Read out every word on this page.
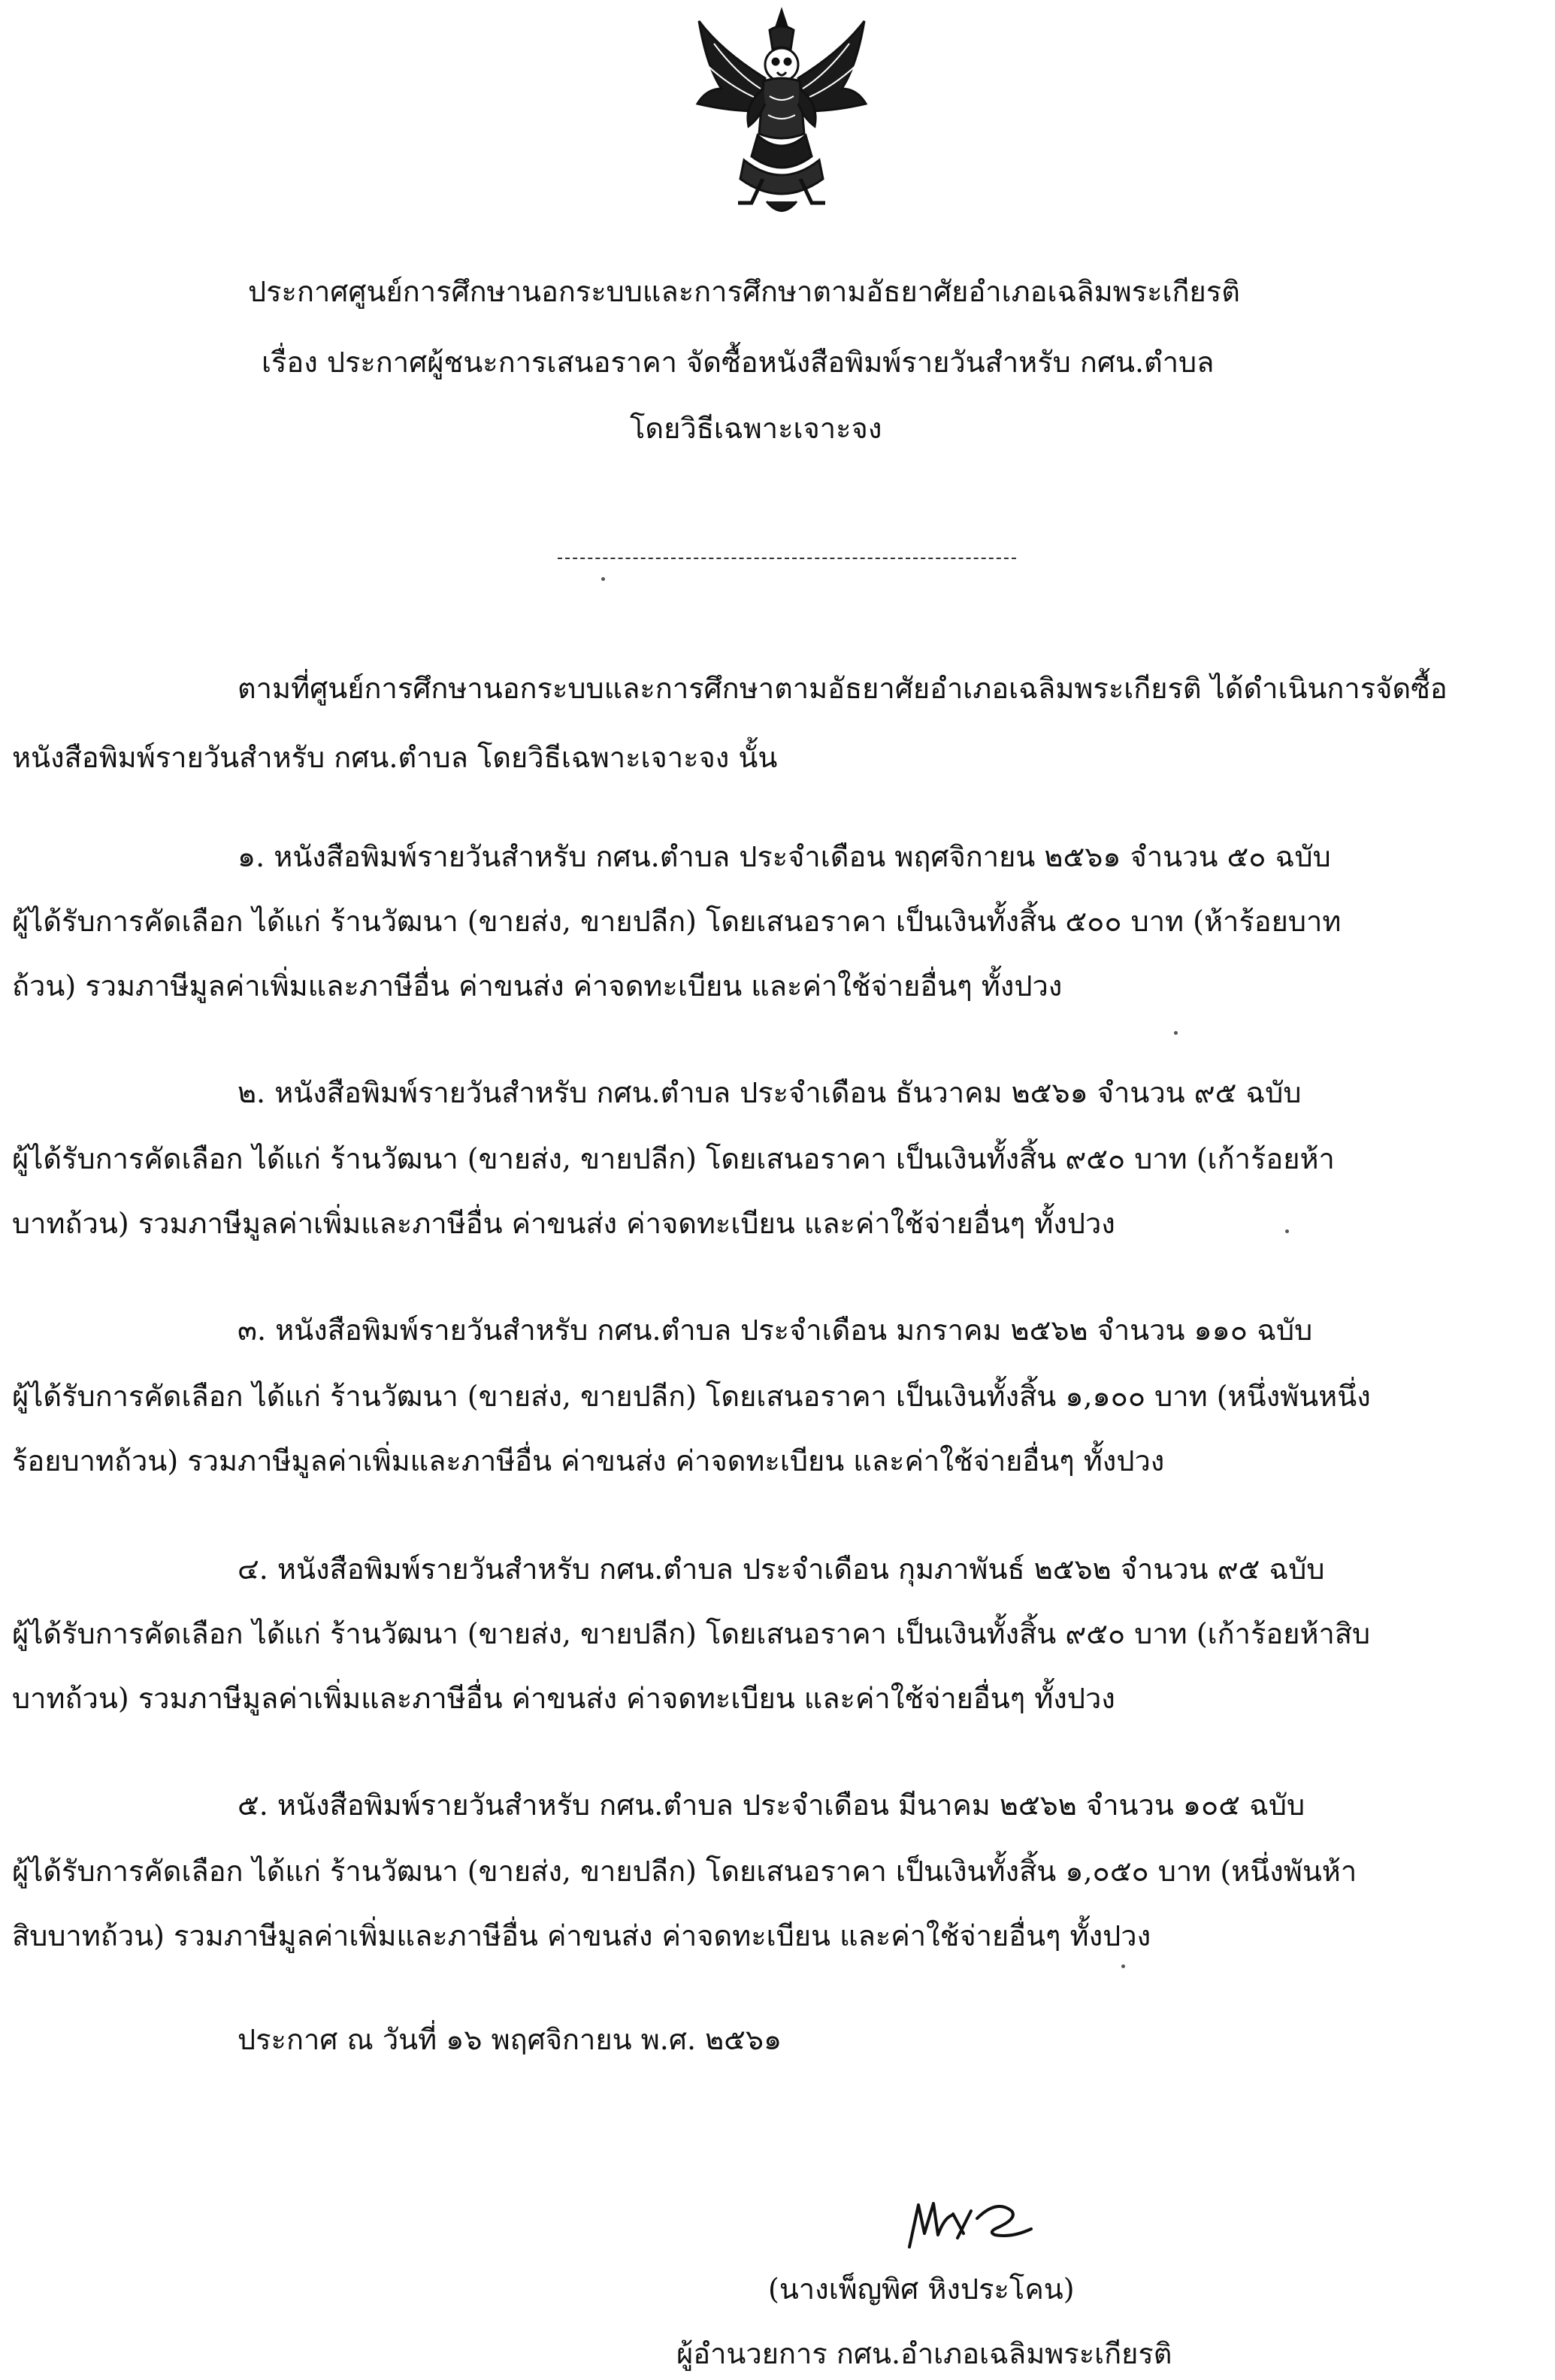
ประกาศศูนย์การศึกษานอกระบบและการศึกษาตามอัธยาศัยอำเภอเฉลิมพระเกียรติ
เรื่อง ประกาศผู้ชนะการเสนอราคา จัดซื้อหนังสือพิมพ์รายวันสำหรับ กศน.ตำบล
โดยวิธีเฉพาะเจาะจง
ตามที่ศูนย์การศึกษานอกระบบและการศึกษาตามอัธยาศัยอำเภอเฉลิมพระเกียรติ ได้ดำเนินการจัดซื้อ
หนังสือพิมพ์รายวันสำหรับ กศน.ตำบล โดยวิธีเฉพาะเจาะจง นั้น
๑. หนังสือพิมพ์รายวันสำหรับ กศน.ตำบล ประจำเดือน พฤศจิกายน ๒๕๖๑ จำนวน ๕๐ ฉบับ
ผู้ได้รับการคัดเลือก ได้แก่ ร้านวัฒนา (ขายส่ง, ขายปลีก) โดยเสนอราคา เป็นเงินทั้งสิ้น ๕๐๐ บาท (ห้าร้อยบาท
ถ้วน) รวมภาษีมูลค่าเพิ่มและภาษีอื่น ค่าขนส่ง ค่าจดทะเบียน และค่าใช้จ่ายอื่นๆ ทั้งปวง
๒. หนังสือพิมพ์รายวันสำหรับ กศน.ตำบล ประจำเดือน ธันวาคม ๒๕๖๑ จำนวน ๙๕ ฉบับ
ผู้ได้รับการคัดเลือก ได้แก่ ร้านวัฒนา (ขายส่ง, ขายปลีก) โดยเสนอราคา เป็นเงินทั้งสิ้น ๙๕๐ บาท (เก้าร้อยห้า
บาทถ้วน) รวมภาษีมูลค่าเพิ่มและภาษีอื่น ค่าขนส่ง ค่าจดทะเบียน และค่าใช้จ่ายอื่นๆ ทั้งปวง
๓. หนังสือพิมพ์รายวันสำหรับ กศน.ตำบล ประจำเดือน มกราคม ๒๕๖๒ จำนวน ๑๑๐ ฉบับ
ผู้ได้รับการคัดเลือก ได้แก่ ร้านวัฒนา (ขายส่ง, ขายปลีก) โดยเสนอราคา เป็นเงินทั้งสิ้น ๑,๑๐๐ บาท (หนึ่งพันหนึ่ง
ร้อยบาทถ้วน) รวมภาษีมูลค่าเพิ่มและภาษีอื่น ค่าขนส่ง ค่าจดทะเบียน และค่าใช้จ่ายอื่นๆ ทั้งปวง
๔. หนังสือพิมพ์รายวันสำหรับ กศน.ตำบล ประจำเดือน กุมภาพันธ์ ๒๕๖๒ จำนวน ๙๕ ฉบับ
ผู้ได้รับการคัดเลือก ได้แก่ ร้านวัฒนา (ขายส่ง, ขายปลีก) โดยเสนอราคา เป็นเงินทั้งสิ้น ๙๕๐ บาท (เก้าร้อยห้าสิบ
บาทถ้วน) รวมภาษีมูลค่าเพิ่มและภาษีอื่น ค่าขนส่ง ค่าจดทะเบียน และค่าใช้จ่ายอื่นๆ ทั้งปวง
๕. หนังสือพิมพ์รายวันสำหรับ กศน.ตำบล ประจำเดือน มีนาคม ๒๕๖๒ จำนวน ๑๐๕ ฉบับ
ผู้ได้รับการคัดเลือก ได้แก่ ร้านวัฒนา (ขายส่ง, ขายปลีก) โดยเสนอราคา เป็นเงินทั้งสิ้น ๑,๐๕๐ บาท (หนึ่งพันห้า
สิบบาทถ้วน) รวมภาษีมูลค่าเพิ่มและภาษีอื่น ค่าขนส่ง ค่าจดทะเบียน และค่าใช้จ่ายอื่นๆ ทั้งปวง
ประกาศ ณ วันที่ ๑๖ พฤศจิกายน พ.ศ. ๒๕๖๑
(นางเพ็ญพิศ หิงประโคน)
ผู้อำนวยการ กศน.อำเภอเฉลิมพระเกียรติ
